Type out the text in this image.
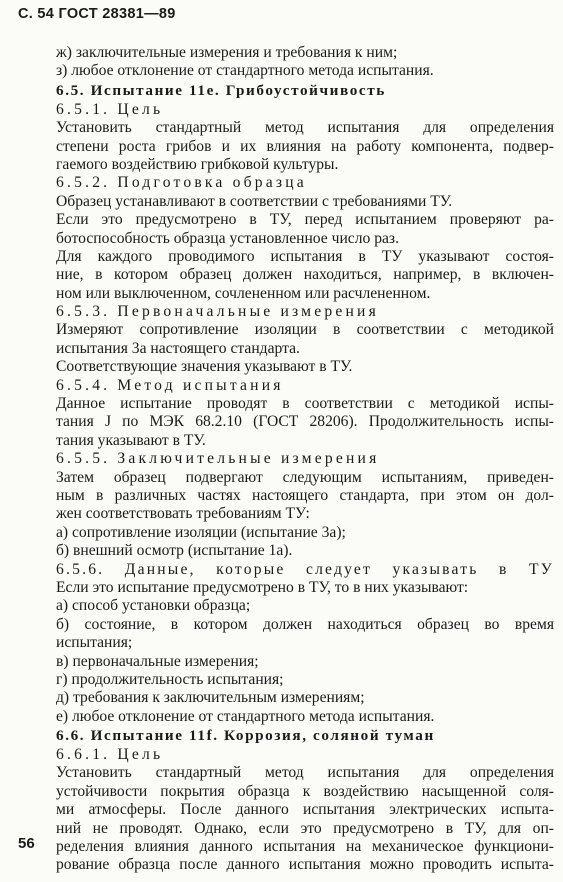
С. 54 ГОСТ 28381—89
ж) заключительные измерения и требования к ним;
з) любое отклонение от стандартного метода испытания.
6.5. Испытание 11е. Грибоустойчивость
6.5.1. Цель
Установить стандартный метод испытания для определения
степени роста грибов и их влияния на работу компонента, подвер-
гаемого воздействию грибковой культуры.
6.5.2. Подготовка образца
Образец устанавливают в соответствии с требованиями ТУ.
Если это предусмотрено в ТУ, перед испытанием проверяют ра-
ботоспособность образца установленное число раз.
Для каждого проводимого испытания в ТУ указывают состоя-
ние, в котором образец должен находиться, например, в включен-
ном или выключенном, сочлененном или расчлененном.
6.5.3. Первоначальные измерения
Измеряют сопротивление изоляции в соответствии с методикой
испытания 3а настоящего стандарта.
Соответствующие значения указывают в ТУ.
6.5.4. Метод испытания
Данное испытание проводят в соответствии с методикой испы-
тания J по МЭК 68.2.10 (ГОСТ 28206). Продолжительность испы-
тания указывают в ТУ.
6.5.5. Заключительные измерения
Затем образец подвергают следующим испытаниям, приведен-
ным в различных частях настоящего стандарта, при этом он дол-
жен соответствовать требованиям ТУ:
а) сопротивление изоляции (испытание 3а);
б) внешний осмотр (испытание 1а).
6.5.6. Данные, которые следует указывать в ТУ
Если это испытание предусмотрено в ТУ, то в них указывают:
а) способ установки образца;
б) состояние, в котором должен находиться образец во время
испытания;
в) первоначальные измерения;
г) продолжительность испытания;
д) требования к заключительным измерениям;
е) любое отклонение от стандартного метода испытания.
6.6. Испытание 11f. Коррозия, соляной туман
6.6.1. Цель
Установить стандартный метод испытания для определения
устойчивости покрытия образца к воздействию насыщенной соля-
ми атмосферы. После данного испытания электрических испыта-
ний не проводят. Однако, если это предусмотрено в ТУ, для оп-
ределения влияния данного испытания на механическое функциони-
рование образца после данного испытания можно проводить испыта-
56
